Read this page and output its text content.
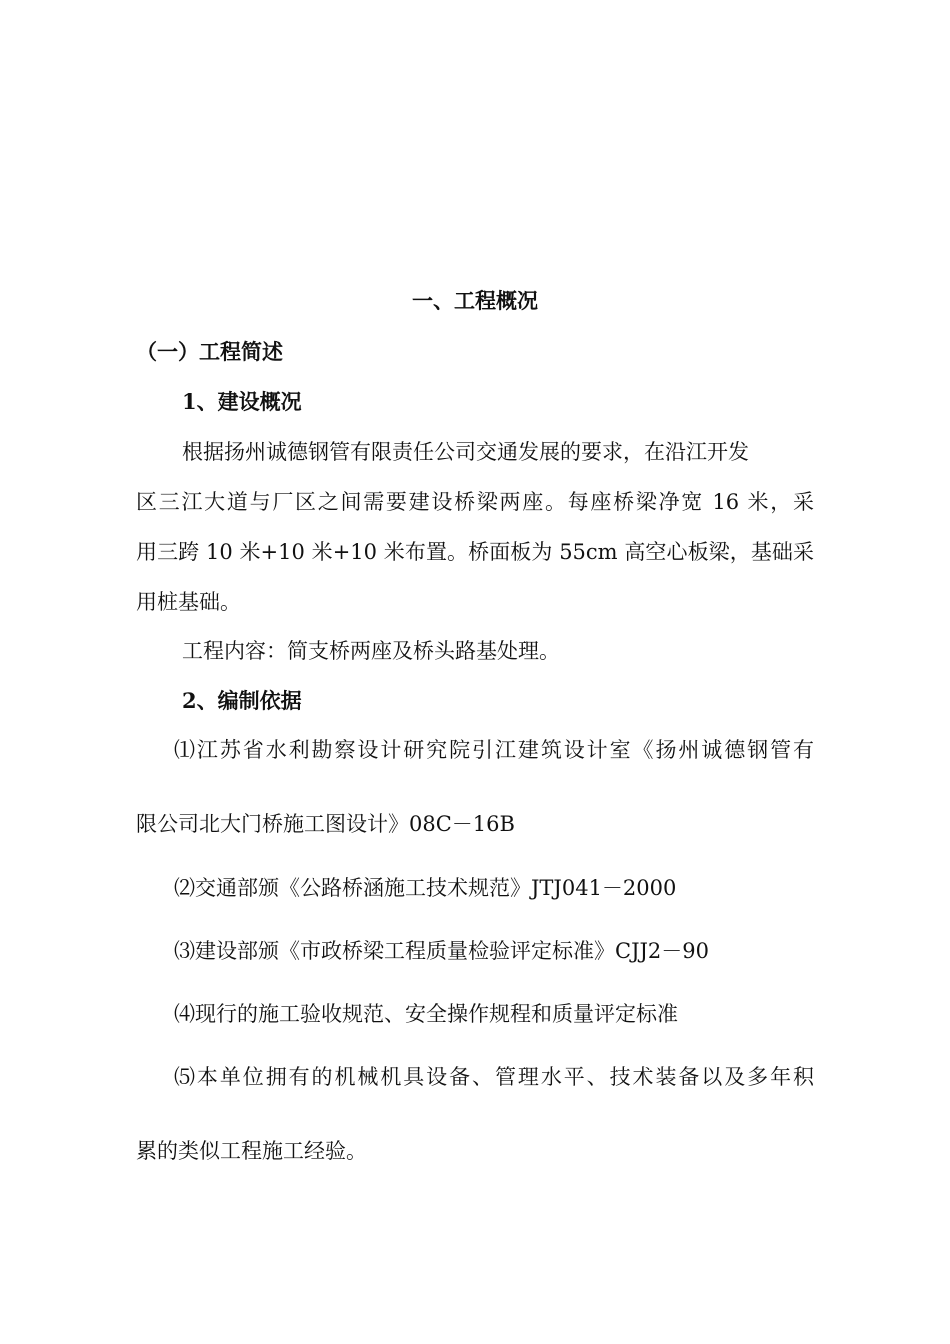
一、工程概况
（一）工程简述
1、建设概况
根据扬州诚德钢管有限责任公司交通发展的要求，在沿江开发
区三江大道与厂区之间需要建设桥梁两座。每座桥梁净宽 16 米，采
用三跨 10 米+10 米+10 米布置。桥面板为 55cm 高空心板梁，基础采
用桩基础。
工程内容：简支桥两座及桥头路基处理。
2、编制依据
⑴江苏省水利勘察设计研究院引江建筑设计室《扬州诚德钢管有
限公司北大门桥施工图设计》08C－16B
⑵交通部颁《公路桥涵施工技术规范》JTJ041－2000
⑶建设部颁《市政桥梁工程质量检验评定标准》CJJ2－90
⑷现行的施工验收规范、安全操作规程和质量评定标准
⑸本单位拥有的机械机具设备、管理水平、技术装备以及多年积
累的类似工程施工经验。
